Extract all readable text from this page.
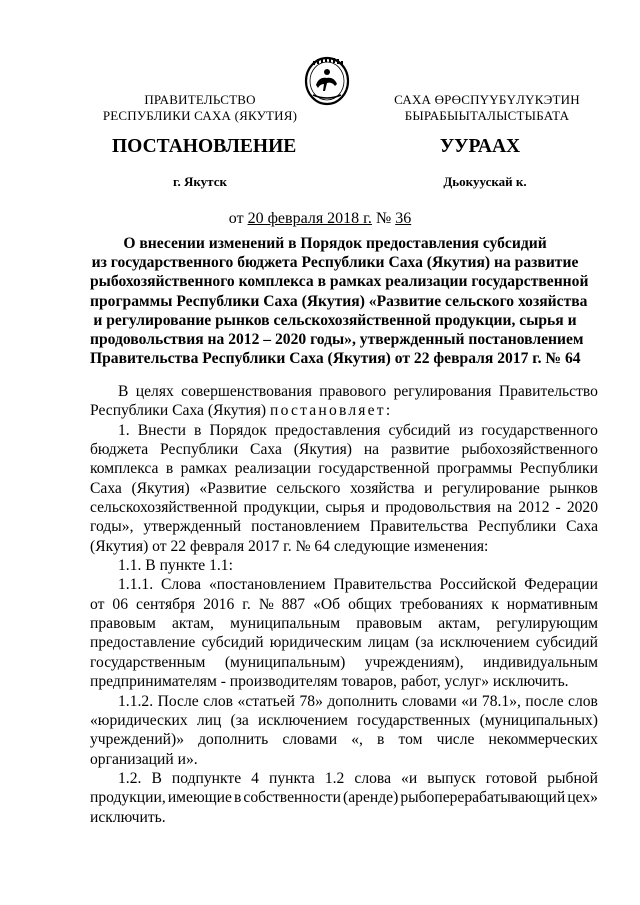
ПРАВИТЕЛЬСТВО
РЕСПУБЛИКИ САХА (ЯКУТИЯ)
САХА ӨРӨСПҮҮБҮЛҮКЭТИН
БЫРАБЫЫТАЛЫСТЫБАТА
ПОСТАНОВЛЕНИЕ	УУРААХ
г. Якутск	Дьокуускай к.
от 20 февраля 2018 г. № 36
О внесении изменений в Порядок предоставления субсидий
из государственного бюджета Республики Саха (Якутия) на развитие
рыбохозяйственного комплекса в рамках реализации государственной
программы Республики Саха (Якутия) «Развитие сельского хозяйства
и регулирование рынков сельскохозяйственной продукции, сырья и
продовольствия на 2012 – 2020 годы», утвержденный постановлением
Правительства Республики Саха (Якутия) от 22 февраля 2017 г. № 64
В целях совершенствования правового регулирования Правительство
Республики Саха (Якутия) постановляет:
1. Внести в Порядок предоставления субсидий из государственного
бюджета Республики Саха (Якутия) на развитие рыбохозяйственного
комплекса в рамках реализации государственной программы Республики
Саха (Якутия) «Развитие сельского хозяйства и регулирование рынков
сельскохозяйственной продукции, сырья и продовольствия на 2012 - 2020
годы», утвержденный постановлением Правительства Республики Саха
(Якутия) от 22 февраля 2017 г. № 64 следующие изменения:
1.1. В пункте 1.1:
1.1.1. Слова «постановлением Правительства Российской Федерации
от 06 сентября 2016 г. № 887 «Об общих требованиях к нормативным
правовым актам, муниципальным правовым актам, регулирующим
предоставление субсидий юридическим лицам (за исключением субсидий
государственным (муниципальным) учреждениям), индивидуальным
предпринимателям - производителям товаров, работ, услуг» исключить.
1.1.2. После слов «статьей 78» дополнить словами «и 78.1», после слов
«юридических лиц (за исключением государственных (муниципальных)
учреждений)» дополнить словами «, в том числе некоммерческих
организаций и».
1.2. В подпункте 4 пункта 1.2 слова «и выпуск готовой рыбной
продукции, имеющие в собственности (аренде) рыбоперерабатывающий цех»
исключить.
